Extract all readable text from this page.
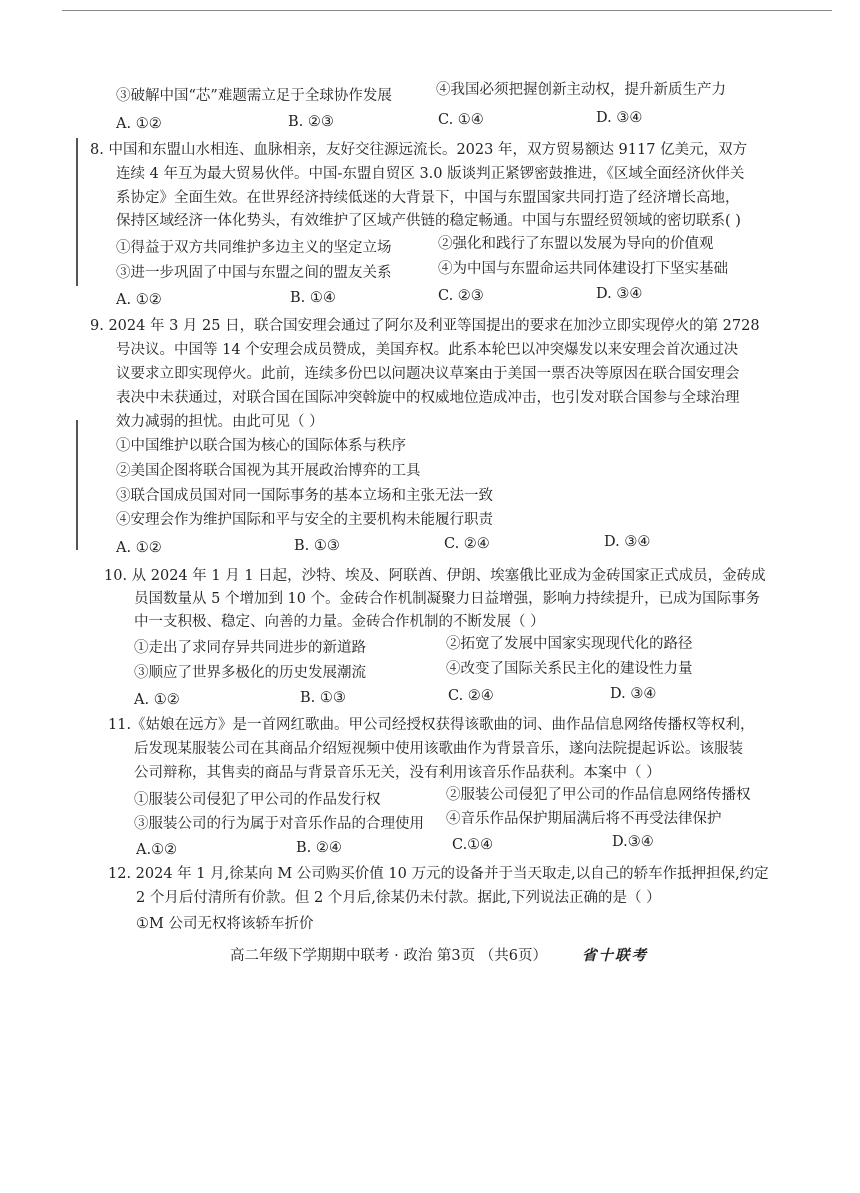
③破解中国“芯”难题需立足于全球协作发展	④我国必须把握创新主动权，提升新质生产力
A. ①②	B. ②③	C. ①④	D. ③④
8. 中国和东盟山水相连、血脉相亲，友好交往源远流长。2023 年，双方贸易额达 9117 亿美元，双方
连续 4 年互为最大贸易伙伴。中国-东盟自贸区 3.0 版谈判正紧锣密鼓推进，《区域全面经济伙伴关
系协定》全面生效。在世界经济持续低迷的大背景下，中国与东盟国家共同打造了经济增长高地，
保持区域经济一体化势头，有效维护了区域产供链的稳定畅通。中国与东盟经贸领域的密切联系( )
①得益于双方共同维护多边主义的坚定立场	②强化和践行了东盟以发展为导向的价值观
③进一步巩固了中国与东盟之间的盟友关系	④为中国与东盟命运共同体建设打下坚实基础
A. ①②	B. ①④	C. ②③	D. ③④
9. 2024 年 3 月 25 日，联合国安理会通过了阿尔及利亚等国提出的要求在加沙立即实现停火的第 2728
号决议。中国等 14 个安理会成员赞成，美国弃权。此系本轮巴以冲突爆发以来安理会首次通过决
议要求立即实现停火。此前，连续多份巴以问题决议草案由于美国一票否决等原因在联合国安理会
表决中未获通过，对联合国在国际冲突斡旋中的权威地位造成冲击，也引发对联合国参与全球治理
效力减弱的担忧。由此可见（ ）
①中国维护以联合国为核心的国际体系与秩序
②美国企图将联合国视为其开展政治博弈的工具
③联合国成员国对同一国际事务的基本立场和主张无法一致
④安理会作为维护国际和平与安全的主要机构未能履行职责
A. ①②	B. ①③	C. ②④	D. ③④
10. 从 2024 年 1 月 1 日起，沙特、埃及、阿联酋、伊朗、埃塞俄比亚成为金砖国家正式成员，金砖成
员国数量从 5 个增加到 10 个。金砖合作机制凝聚力日益增强，影响力持续提升，已成为国际事务
中一支积极、稳定、向善的力量。金砖合作机制的不断发展（ ）
①走出了求同存异共同进步的新道路	②拓宽了发展中国家实现现代化的路径
③顺应了世界多极化的历史发展潮流	④改变了国际关系民主化的建设性力量
A. ①②	B. ①③	C. ②④	D. ③④
11.《姑娘在远方》是一首网红歌曲。甲公司经授权获得该歌曲的词、曲作品信息网络传播权等权利，
后发现某服装公司在其商品介绍短视频中使用该歌曲作为背景音乐，遂向法院提起诉讼。该服装
公司辩称，其售卖的商品与背景音乐无关，没有利用该音乐作品获利。本案中（ ）
①服装公司侵犯了甲公司的作品发行权	②服装公司侵犯了甲公司的作品信息网络传播权
③服装公司的行为属于对音乐作品的合理使用 ④音乐作品保护期届满后将不再受法律保护
A.①②	B. ②④	C.①④	D.③④
12. 2024 年 1 月,徐某向 M 公司购买价值 10 万元的设备并于当天取走,以自己的轿车作抵押担保,约定
2 个月后付清所有价款。但 2 个月后,徐某仍未付款。据此,下列说法正确的是（ ）
①M 公司无权将该轿车折价
高二年级下学期期中联考 · 政治 第3页 （共6页） 省十联考
